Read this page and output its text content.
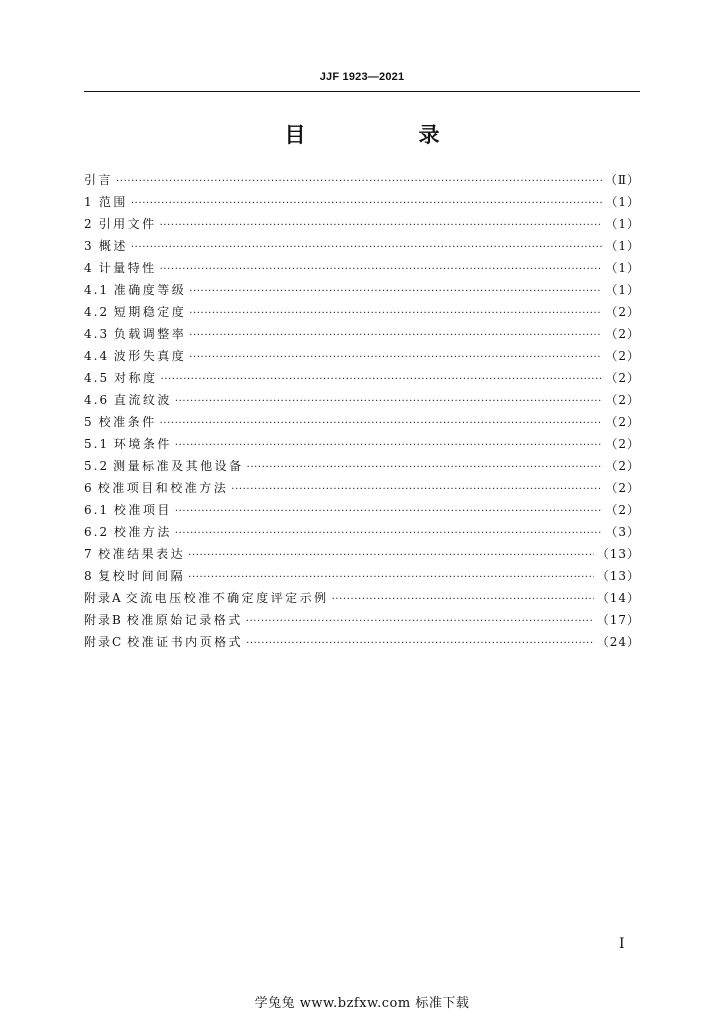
JJF 1923—2021
目　录
引言 ·····	（Ⅱ）
1 范围 ·····	（1）
2 引用文件 ·····	（1）
3 概述 ·····	（1）
4 计量特性 ·····	（1）
4.1 准确度等级 ·····	（1）
4.2 短期稳定度 ·····	（2）
4.3 负载调整率 ·····	（2）
4.4 波形失真度 ·····	（2）
4.5 对称度 ·····	（2）
4.6 直流纹波 ·····	（2）
5 校准条件 ·····	（2）
5.1 环境条件 ·····	（2）
5.2 测量标准及其他设备 ·····	（2）
6 校准项目和校准方法 ·····	（2）
6.1 校准项目 ·····	（2）
6.2 校准方法 ·····	（3）
7 校准结果表达 ·····	（13）
8 复校时间间隔 ·····	（13）
附录A 交流电压校准不确定度评定示例 ·····	（14）
附录B 校准原始记录格式 ·····	（17）
附录C 校准证书内页格式 ·····	（24）
Ⅰ
学兔兔 www.bzfxw.com 标准下载
